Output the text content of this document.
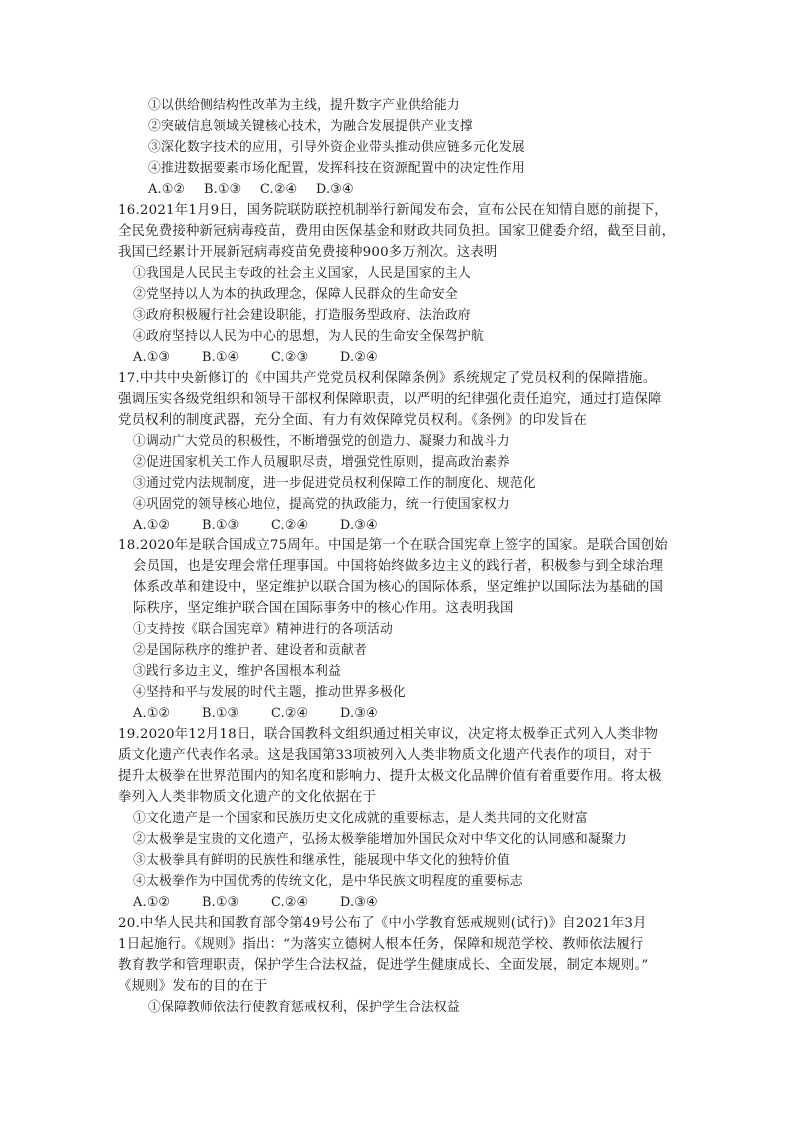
①以供给侧结构性改革为主线，提升数字产业供给能力
②突破信息领域关键核心技术，为融合发展提供产业支撑
③深化数字技术的应用，引导外资企业带头推动供应链多元化发展
④推进数据要素市场化配置，发挥科技在资源配置中的决定性作用
A.①② B.①③ C.②④ D.③④
16.2021年1月9日，国务院联防联控机制举行新闻发布会，宣布公民在知情自愿的前提下，
全民免费接种新冠病毒疫苗，费用由医保基金和财政共同负担。国家卫健委介绍，截至目前，
我国已经累计开展新冠病毒疫苗免费接种900多万剂次。这表明
①我国是人民民主专政的社会主义国家，人民是国家的主人
②党坚持以人为本的执政理念，保障人民群众的生命安全
③政府积极履行社会建设职能，打造服务型政府、法治政府
④政府坚持以人民为中心的思想，为人民的生命安全保驾护航
A.①③ B.①④ C.②③ D.②④
17.中共中央新修订的《中国共产党党员权利保障条例》系统规定了党员权利的保障措施。
强调压实各级党组织和领导干部权利保障职责，以严明的纪律强化责任追究，通过打造保障
党员权利的制度武器，充分全面、有力有效保障党员权利。《条例》的印发旨在
①调动广大党员的积极性，不断增强党的创造力、凝聚力和战斗力
②促进国家机关工作人员履职尽责，增强党性原则，提高政治素养
③通过党内法规制度，进一步促进党员权利保障工作的制度化、规范化
④巩固党的领导核心地位，提高党的执政能力，统一行使国家权力
A.①② B.①③ C.②④ D.③④
18.2020年是联合国成立75周年。中国是第一个在联合国宪章上签字的国家。是联合国创始
会员国，也是安理会常任理事国。中国将始终做多边主义的践行者，积极参与到全球治理
体系改革和建设中，坚定维护以联合国为核心的国际体系，坚定维护以国际法为基础的国
际秩序，坚定维护联合国在国际事务中的核心作用。这表明我国
①支持按《联合国宪章》精神进行的各项活动
②是国际秩序的维护者、建设者和贡献者
③践行多边主义，维护各国根本利益
④坚持和平与发展的时代主题，推动世界多极化
A.①② B.①③ C.②④ D.③④
19.2020年12月18日，联合国教科文组织通过相关审议，决定将太极拳正式列入人类非物
质文化遗产代表作名录。这是我国第33项被列入人类非物质文化遗产代表作的项目，对于
提升太极拳在世界范围内的知名度和影响力、提升太极文化品牌价值有着重要作用。将太极
拳列入人类非物质文化遗产的文化依据在于
①文化遗产是一个国家和民族历史文化成就的重要标志，是人类共同的文化财富
②太极拳是宝贵的文化遗产，弘扬太极拳能增加外国民众对中华文化的认同感和凝聚力
③太极拳具有鲜明的民族性和继承性，能展现中华文化的独特价值
④太极拳作为中国优秀的传统文化，是中华民族文明程度的重要标志
A.①② B.①③ C.②④ D.③④
20.中华人民共和国教育部令第49号公布了《中小学教育惩戒规则(试行)》自2021年3月
1日起施行。《规则》指出：“为落实立德树人根本任务，保障和规范学校、教师依法履行
教育教学和管理职责，保护学生合法权益，促进学生健康成长、全面发展，制定本规则。”
《规则》发布的目的在于
①保障教师依法行使教育惩戒权利，保护学生合法权益
